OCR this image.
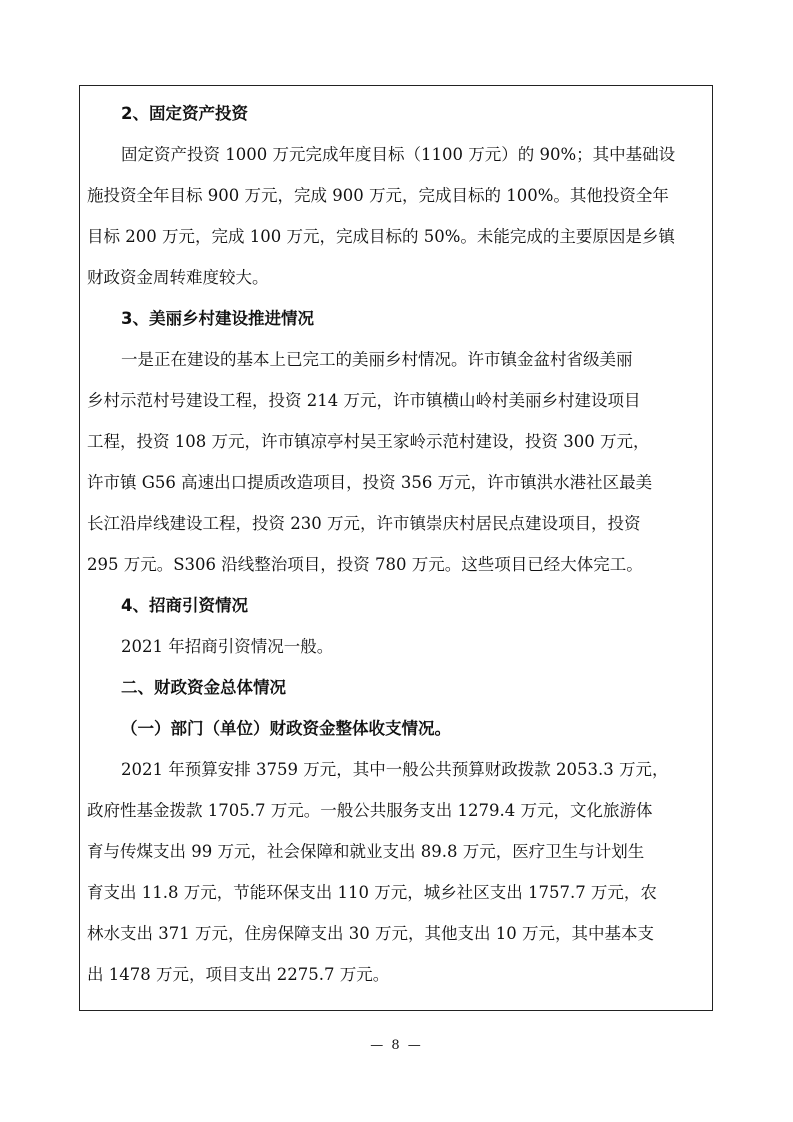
2、固定资产投资
固定资产投资 1000 万元完成年度目标（1100 万元）的 90%；其中基础设
施投资全年目标 900 万元，完成 900 万元，完成目标的 100%。其他投资全年
目标 200 万元，完成 100 万元，完成目标的 50%。未能完成的主要原因是乡镇
财政资金周转难度较大。
3、美丽乡村建设推进情况
一是正在建设的基本上已完工的美丽乡村情况。许市镇金盆村省级美丽
乡村示范村号建设工程，投资 214 万元，许市镇横山岭村美丽乡村建设项目
工程，投资 108 万元，许市镇凉亭村吴王家岭示范村建设，投资 300 万元，
许市镇 G56 高速出口提质改造项目，投资 356 万元，许市镇洪水港社区最美
长江沿岸线建设工程，投资 230 万元，许市镇崇庆村居民点建设项目，投资
295 万元。S306 沿线整治项目，投资 780 万元。这些项目已经大体完工。
4、招商引资情况
2021 年招商引资情况一般。
二、财政资金总体情况
（一）部门（单位）财政资金整体收支情况。
2021 年预算安排 3759 万元，其中一般公共预算财政拨款 2053.3 万元，
政府性基金拨款 1705.7 万元。一般公共服务支出 1279.4 万元，文化旅游体
育与传煤支出 99 万元，社会保障和就业支出 89.8 万元，医疗卫生与计划生
育支出 11.8 万元，节能环保支出 110 万元，城乡社区支出 1757.7 万元，农
林水支出 371 万元，住房保障支出 30 万元，其他支出 10 万元，其中基本支
出 1478 万元，项目支出 2275.7 万元。
— 8 —
